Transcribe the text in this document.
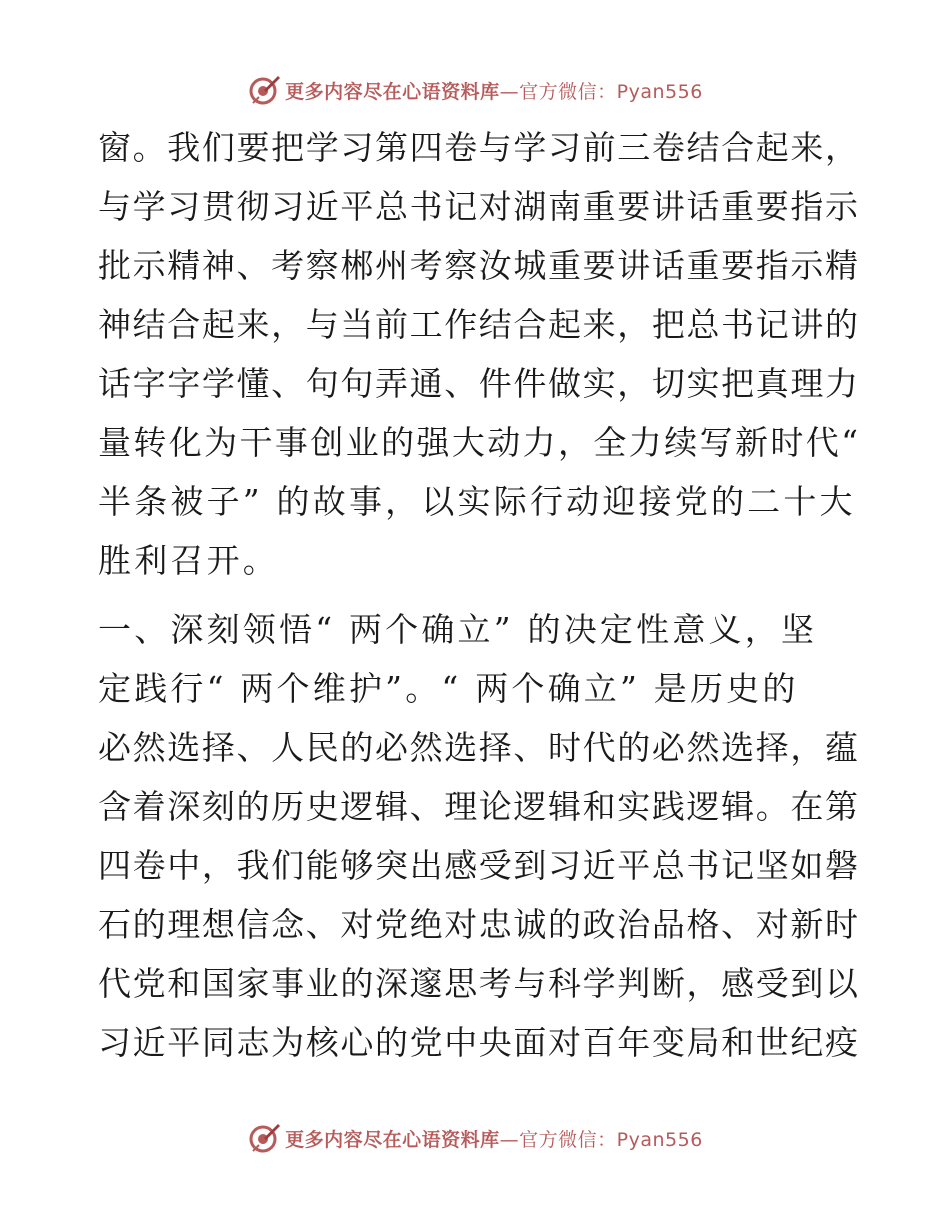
更多内容尽在心语资料库—官方微信：Pyan556
窗。我们要把学习第四卷与学习前三卷结合起来，
与学习贯彻习近平总书记对湖南重要讲话重要指示
批示精神、考察郴州考察汝城重要讲话重要指示精
神结合起来，与当前工作结合起来，把总书记讲的
话字字学懂、句句弄通、件件做实，切实把真理力
量转化为干事创业的强大动力，全力续写新时代“
半条被子” 的故事，以实际行动迎接党的二十大
胜利召开。
一、深刻领悟“ 两个确立” 的决定性意义，坚
定践行“ 两个维护”。“ 两个确立” 是历史的
必然选择、人民的必然选择、时代的必然选择，蕴
含着深刻的历史逻辑、理论逻辑和实践逻辑。在第
四卷中，我们能够突出感受到习近平总书记坚如磐
石的理想信念、对党绝对忠诚的政治品格、对新时
代党和国家事业的深邃思考与科学判断，感受到以
习近平同志为核心的党中央面对百年变局和世纪疫
更多内容尽在心语资料库—官方微信：Pyan556
